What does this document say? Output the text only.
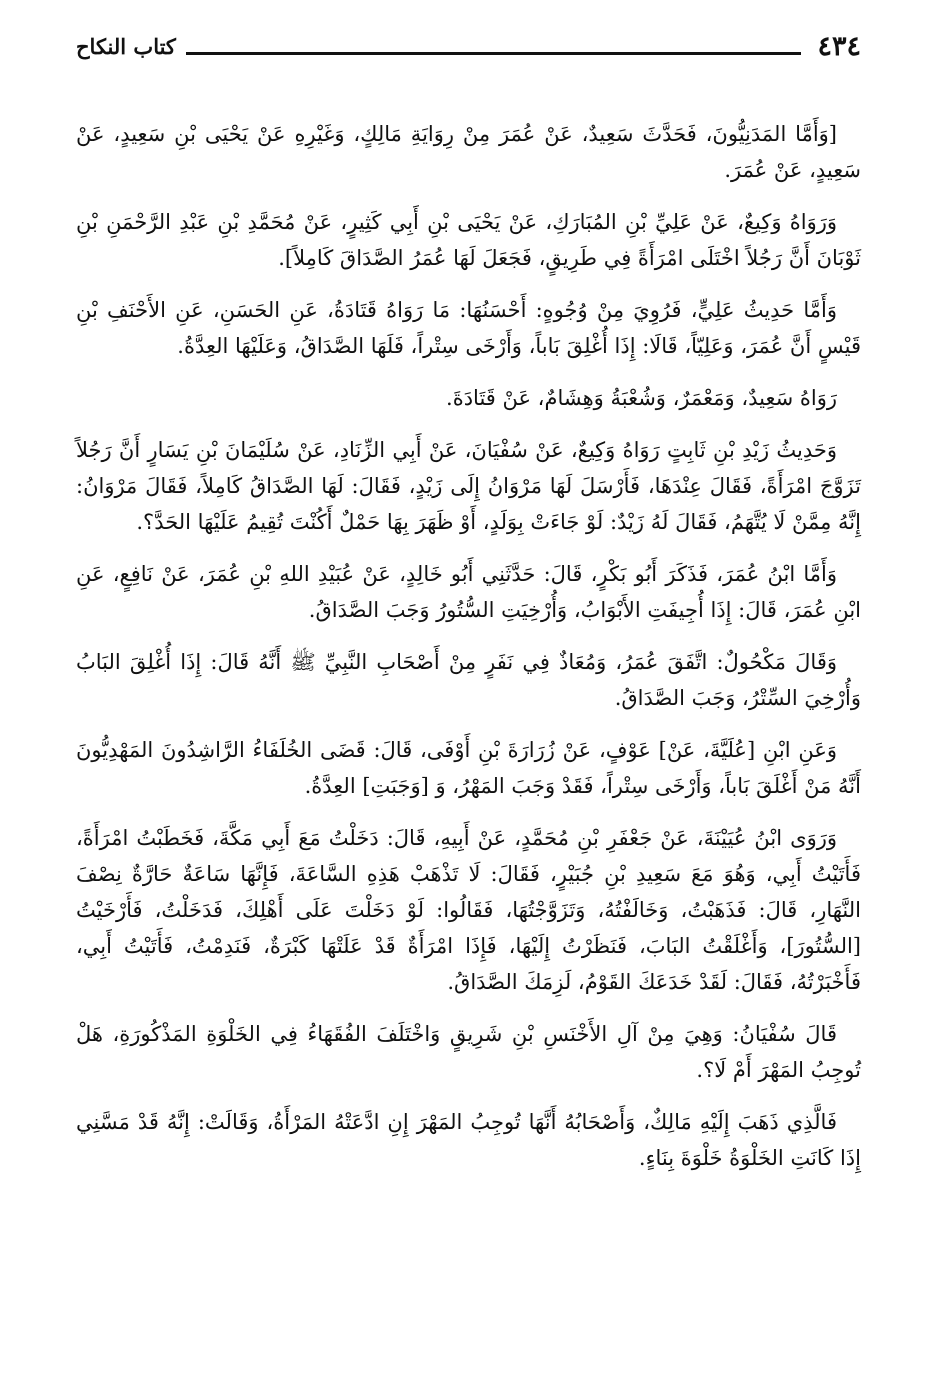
٤٣٤
كتاب النكاح

[وَأَمَّا المَدَنِيُّونَ، فَحَدَّثَ سَعِيدٌ، عَنْ عُمَرَ مِنْ رِوَايَةِ مَالِكٍ، وَغَيْرِهِ عَنْ يَحْيَى بْنِ سَعِيدٍ، عَنْ سَعِيدٍ، عَنْ عُمَرَ.

وَرَوَاهُ وَكِيعٌ، عَنْ عَلِيِّ بْنِ المُبَارَكِ، عَنْ يَحْيَى بْنِ أَبِي كَثِيرٍ، عَنْ مُحَمَّدِ بْنِ عَبْدِ الرَّحْمَنِ بْنِ ثَوْبَانَ أَنَّ رَجُلاً اخْتَلَى امْرَأَةً فِي طَرِيقٍ، فَجَعَلَ لَهَا عُمَرُ الصَّدَاقَ كَامِلاً].

وَأَمَّا حَدِيثُ عَلِيٍّ، فَرُوِيَ مِنْ وُجُوهٍ: أَحْسَنُهَا: مَا رَوَاهُ قَتَادَةُ، عَنِ الحَسَنِ، عَنِ الأَحْنَفِ بْنِ قَيْسٍ أَنَّ عُمَرَ، وَعَلِيّاً، قَالَا: إِذَا أُغْلِقَ بَاباً، وَأَرْخَى سِتْراً، فَلَهَا الصَّدَاقُ، وَعَلَيْهَا العِدَّةُ.

رَوَاهُ سَعِيدٌ، وَمَعْمَرٌ، وَشُعْبَةُ وَهِشَامٌ، عَنْ قَتَادَةَ.

وَحَدِيثُ زَيْدِ بْنِ ثَابِتٍ رَوَاهُ وَكِيعٌ، عَنْ سُفْيَانَ، عَنْ أَبِي الزِّنَادِ، عَنْ سُلَيْمَانَ بْنِ يَسَارٍ أَنَّ رَجُلاً تَزَوَّجَ امْرَأَةً، فَقَالَ عِنْدَهَا، فَأَرْسَلَ لَهَا مَرْوَانُ إِلَى زَيْدٍ، فَقَالَ: لَهَا الصَّدَاقُ كَامِلاً، فَقَالَ مَرْوَانُ: إِنَّهُ مِمَّنْ لَا يُتَّهَمُ، فَقَالَ لَهُ زَيْدٌ: لَوْ جَاءَتْ بِوَلَدٍ، أَوْ ظَهَرَ بِهَا حَمْلٌ أَكُنْتَ تُقِيمُ عَلَيْهَا الحَدَّ؟.

وَأَمَّا ابْنُ عُمَرَ، فَذَكَرَ أَبُو بَكْرٍ، قَالَ: حَدَّثَنِي أَبُو خَالِدٍ، عَنْ عُبَيْدِ اللهِ بْنِ عُمَرَ، عَنْ نَافِعٍ، عَنِ ابْنِ عُمَرَ، قَالَ: إِذَا أُجِيفَتِ الأَبْوَابُ، وَأُرْخِيَتِ السُّتُورُ وَجَبَ الصَّدَاقُ.

وَقَالَ مَكْحُولٌ: اتَّفَقَ عُمَرُ، وَمُعَاذٌ فِي نَفَرٍ مِنْ أَصْحَابِ النَّبِيِّ ﷺ أَنَّهُ قَالَ: إِذَا أُغْلِقَ البَابُ وَأُرْخِيَ السِّتْرُ، وَجَبَ الصَّدَاقُ.

وَعَنِ ابْنِ [عُلَيَّةَ، عَنْ] عَوْفٍ، عَنْ زُرَارَةَ بْنِ أَوْفَى، قَالَ: قَضَى الخُلَفَاءُ الرَّاشِدُونَ المَهْدِيُّونَ أَنَّهُ مَنْ أَغْلَقَ بَاباً، وَأَرْخَى سِتْراً، فَقَدْ وَجَبَ المَهْرُ، وَ [وَجَبَتِ] العِدَّةُ.

وَرَوَى ابْنُ عُيَيْنَةَ، عَنْ جَعْفَرِ بْنِ مُحَمَّدٍ، عَنْ أَبِيهِ، قَالَ: دَخَلْتُ مَعَ أَبِي مَكَّةَ، فَخَطَبْتُ امْرَأَةً، فَأَتَيْتُ أَبِي، وَهُوَ مَعَ سَعِيدِ بْنِ جُبَيْرٍ، فَقَالَ: لَا تَذْهَبْ هَذِهِ السَّاعَةَ، فَإِنَّهَا سَاعَةٌ حَارَّةٌ نِصْفَ النَّهَارِ، قَالَ: فَذَهَبْتُ، وَخَالَفْتُهُ، وَتَزَوَّجْتُهَا، فَقَالُوا: لَوْ دَخَلْتَ عَلَى أَهْلِكَ، فَدَخَلْتُ، فَأَرْخَيْتُ [السُّتُورَ]، وَأَغْلَقْتُ البَابَ، فَنَظَرْتُ إِلَيْهَا، فَإِذَا امْرَأَةٌ قَدْ عَلَتْهَا كَبْرَةٌ، فَنَدِمْتُ، فَأَتَيْتُ أَبِي، فَأَخْبَرْتُهُ، فَقَالَ: لَقَدْ خَدَعَكَ القَوْمُ، لَزِمَكَ الصَّدَاقُ.

قَالَ سُفْيَانُ: وَهِيَ مِنْ آلِ الأَخْنَسِ بْنِ شَرِيقٍ وَاخْتَلَفَ الفُقَهَاءُ فِي الخَلْوَةِ المَذْكُورَةِ، هَلْ تُوجِبُ المَهْرَ أَمْ لَا؟.

فَالَّذِي ذَهَبَ إِلَيْهِ مَالِكٌ، وَأَصْحَابُهُ أَنَّهَا تُوجِبُ المَهْرَ إِنِ ادَّعَتْهُ المَرْأَةُ، وَقَالَتْ: إِنَّهُ قَدْ مَسَّنِي إِذَا كَانَتِ الخَلْوَةُ خَلْوَةَ بِنَاءٍ.
